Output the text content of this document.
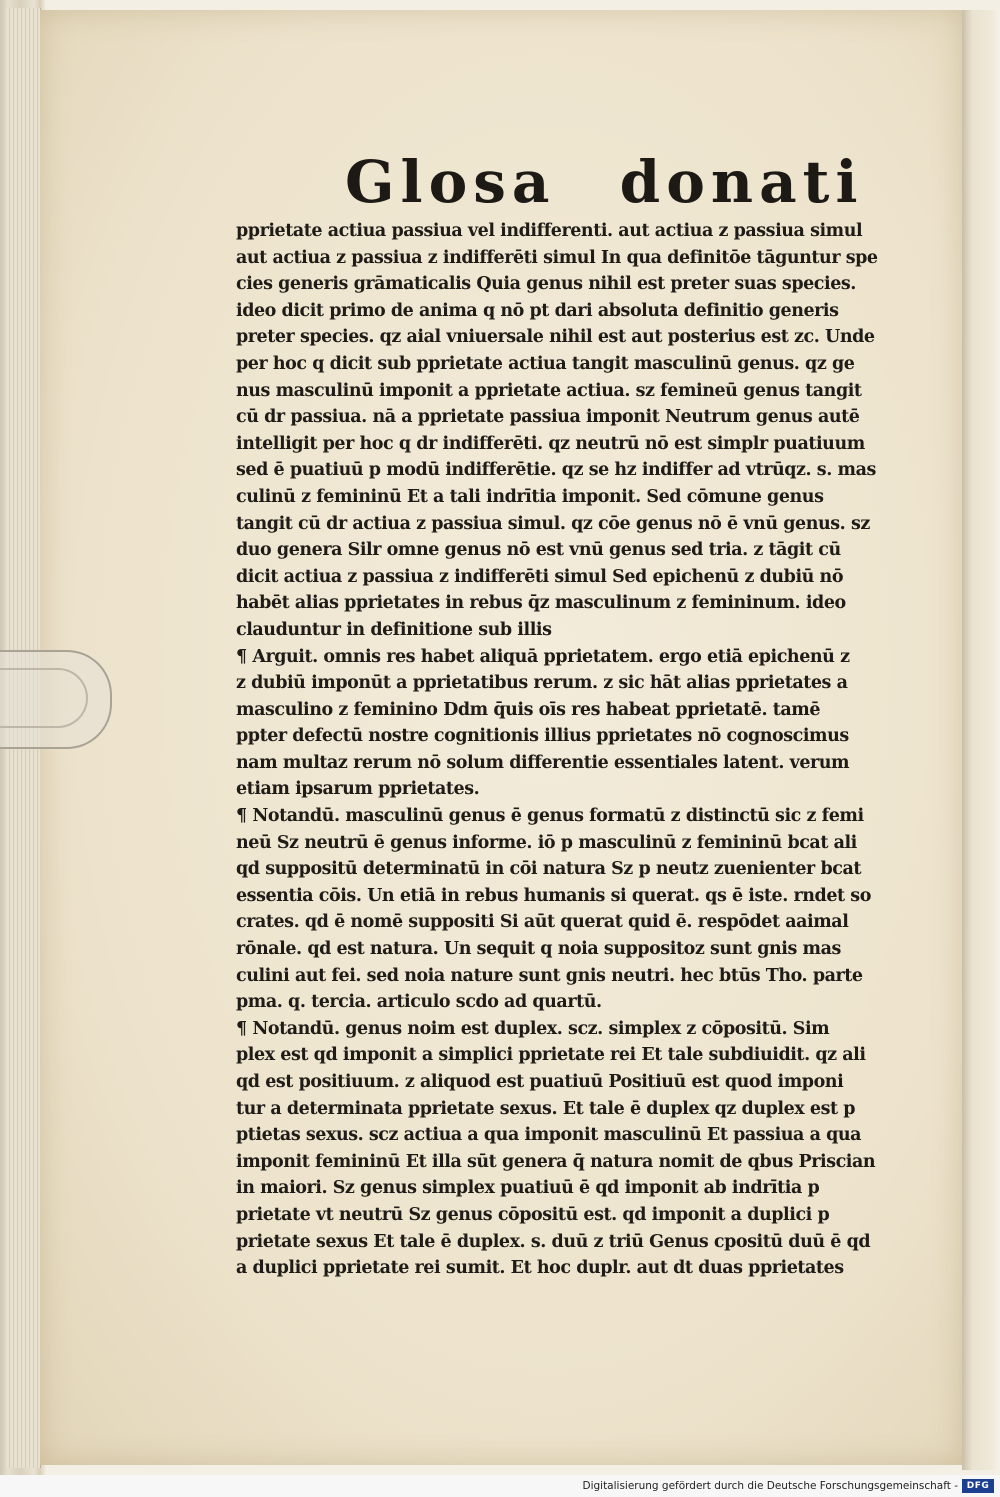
Glosa donati
pprietate actiua passiua vel indifferenti. aut actiua z passiua simul
aut actiua z passiua z indifferēti simul In qua definitōe tāguntur spe
cies generis grāmaticalis Quia genus nihil est preter suas species.
ideo dicit primo de anima q nō pt dari absoluta definitio generis
preter species. qz aial vniuersale nihil est aut posterius est zc. Unde
per hoc q dicit sub pprietate actiua tangit masculinū genus. qz ge
nus masculinū imponit a pprietate actiua. sz femineū genus tangit
cū dr passiua. nā a pprietate passiua imponit Neutrum genus autē
intelligit per hoc q dr indifferēti. qz neutrū nō est simplr puatiuum
sed ē puatiuū p modū indifferētie. qz se hz indiffer ad vtrūqz. s. mas
culinū z femininū Et a tali indrītia imponit. Sed cōmune genus
tangit cū dr actiua z passiua simul. qz cōe genus nō ē vnū genus. sz
duo genera Silr omne genus nō est vnū genus sed tria. z tāgit cū
dicit actiua z passiua z indifferēti simul Sed epichenū z dubiū nō
habēt alias pprietates in rebus q̄z masculinum z femininum. ideo
clauduntur in definitione sub illis
¶ Arguit. omnis res habet aliquā pprietatem. ergo etiā epichenū z
z dubiū imponūt a pprietatibus rerum. z sic hāt alias pprietates a
masculino z feminino Ddm q̄uis oīs res habeat pprietatē. tamē
ppter defectū nostre cognitionis illius pprietates nō cognoscimus
nam multaz rerum nō solum differentie essentiales latent. verum
etiam ipsarum pprietates.
¶ Notandū. masculinū genus ē genus formatū z distinctū sic z femi
neū Sz neutrū ē genus informe. iō p masculinū z femininū bcat ali
qd suppositū determinatū in cōi natura Sz p neutz zuenienter bcat
essentia cōis. Un etiā in rebus humanis si querat. qs ē iste. rndet so
crates. qd ē nomē suppositi Si aūt querat quid ē. respōdet aaimal
rōnale. qd est natura. Un sequit q noia suppositoz sunt gnis mas
culini aut fei. sed noia nature sunt gnis neutri. hec btūs Tho. parte
pma. q. tercia. articulo scdo ad quartū.
¶ Notandū. genus noim est duplex. scz. simplex z cōpositū. Sim
plex est qd imponit a simplici pprietate rei Et tale subdiuidit. qz ali
qd est positiuum. z aliquod est puatiuū Positiuū est quod imponi
tur a determinata pprietate sexus. Et tale ē duplex qz duplex est p
ptietas sexus. scz actiua a qua imponit masculinū Et passiua a qua
imponit femininū Et illa sūt genera q̄ natura nomit de qbus Priscian
in maiori. Sz genus simplex puatiuū ē qd imponit ab indrītia p
prietate vt neutrū Sz genus cōpositū est. qd imponit a duplici p
prietate sexus Et tale ē duplex. s. duū z triū Genus cpositū duū ē qd
a duplici pprietate rei sumit. Et hoc duplr. aut dt duas pprietates
Digitalisierung gefördert durch die Deutsche Forschungsgemeinschaft - DFG
